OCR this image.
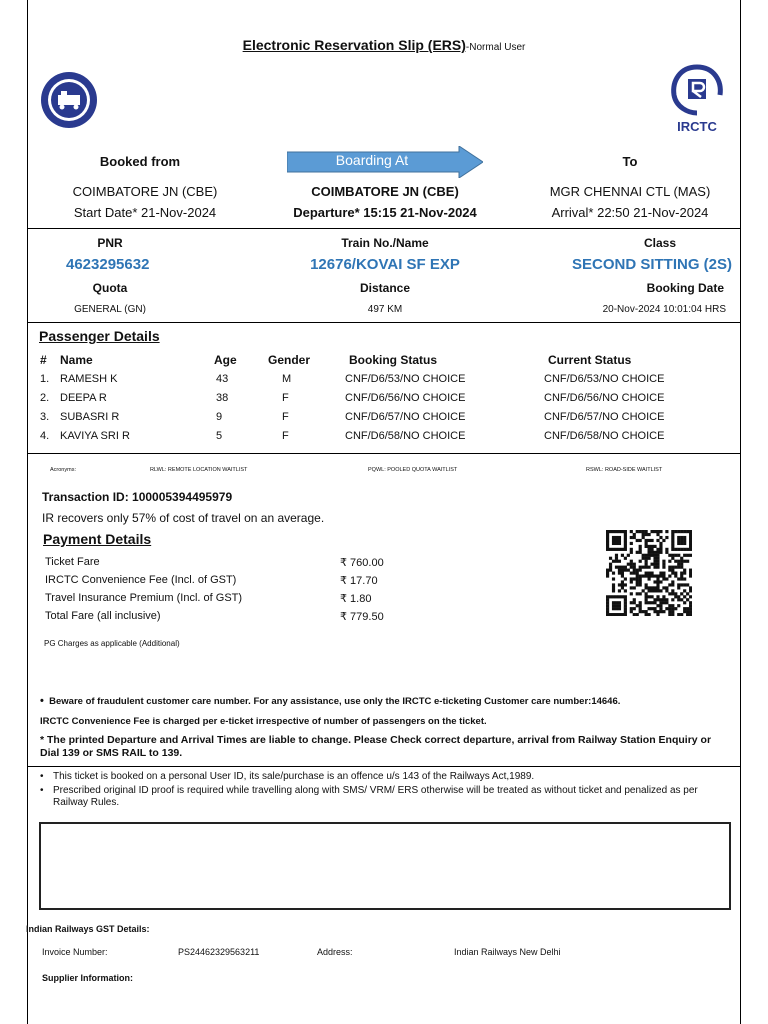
Electronic Reservation Slip (ERS)-Normal User
IRCTC
Booked from	Boarding At	To
COIMBATORE JN (CBE)	COIMBATORE JN (CBE)	MGR CHENNAI CTL (MAS)
Start Date* 21-Nov-2024	Departure* 15:15 21-Nov-2024	Arrival* 22:50 21-Nov-2024
PNR	Train No./Name	Class
4623295632	12676/KOVAI SF EXP	SECOND SITTING (2S)
Quota	Distance	Booking Date
GENERAL (GN)	497 KM	20-Nov-2024 10:01:04 HRS
Passenger Details
# Name	Age	Gender	Booking Status	Current Status
1. RAMESH K	43	M	CNF/D6/53/NO CHOICE	CNF/D6/53/NO CHOICE
2. DEEPA R	38	F	CNF/D6/56/NO CHOICE	CNF/D6/56/NO CHOICE
3. SUBASRI R	9	F	CNF/D6/57/NO CHOICE	CNF/D6/57/NO CHOICE
4. KAVIYA SRI R	5	F	CNF/D6/58/NO CHOICE	CNF/D6/58/NO CHOICE
Acronyms:	RLWL: REMOTE LOCATION WAITLIST	PQWL: POOLED QUOTA WAITLIST	RSWL: ROAD-SIDE WAITLIST
Transaction ID: 100005394495979
IR recovers only 57% of cost of travel on an average.
Payment Details
Ticket Fare	₹ 760.00
IRCTC Convenience Fee (Incl. of GST)	₹ 17.70
Travel Insurance Premium (Incl. of GST)	₹ 1.80
Total Fare (all inclusive)	₹ 779.50
PG Charges as applicable (Additional)
• Beware of fraudulent customer care number. For any assistance, use only the IRCTC e-ticketing Customer care number:14646.
IRCTC Convenience Fee is charged per e-ticket irrespective of number of passengers on the ticket.
* The printed Departure and Arrival Times are liable to change. Please Check correct departure, arrival from Railway Station Enquiry or Dial 139 or SMS RAIL to 139.
• This ticket is booked on a personal User ID, its sale/purchase is an offence u/s 143 of the Railways Act,1989.
• Prescribed original ID proof is required while travelling along with SMS/ VRM/ ERS otherwise will be treated as without ticket and penalized as per Railway Rules.
Indian Railways GST Details:
Invoice Number:	PS24462329563211	Address:	Indian Railways New Delhi
Supplier Information:
